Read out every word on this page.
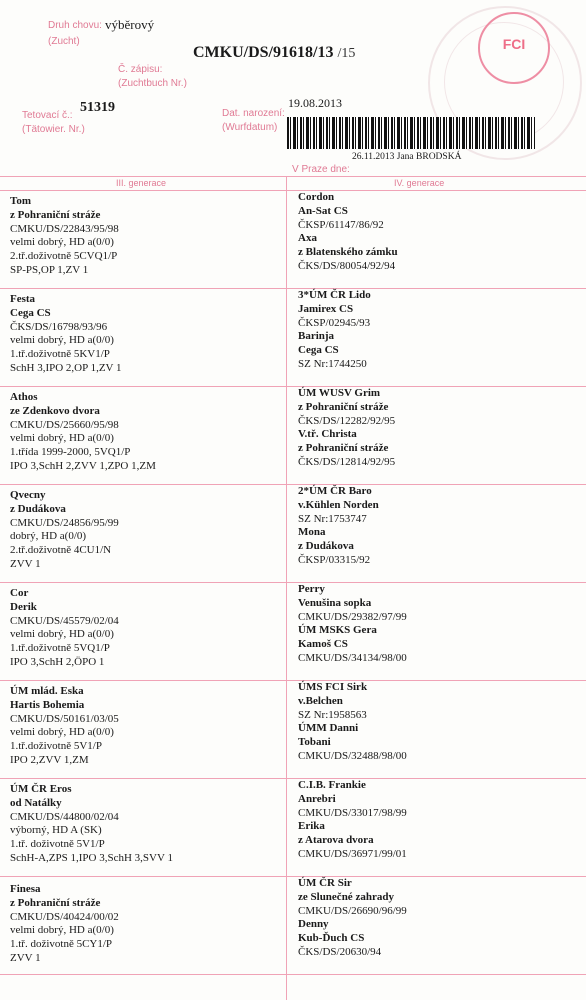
FCI
Druh chovu:
(Zucht)
výběrový
CMKU/DS/91618/13 /15
Č. zápisu:
(Zuchtbuch Nr.)
Tetovací č.:
(Tätowier. Nr.)
51319	Dat. narození:
(Wurfdatum)
19.08.2013
26.11.2013 Jana BRODSKÁ
V Praze dne:
III. generace	IV. generace
Tom
z Pohraniční stráže
CMKU/DS/22843/95/98
velmi dobrý, HD a(0/0)
2.tř.doživotně 5CVQ1/P
SP-PS,OP 1,ZV 1
Cordon
An-Sat CS
ČKSP/61147/86/92
Axa
z Blatenského zámku
ČKS/DS/80054/92/94
Festa
Cega CS
ČKS/DS/16798/93/96
velmi dobrý, HD a(0/0)
1.tř.doživotně 5KV1/P
SchH 3,IPO 2,OP 1,ZV 1
3*ÚM ČR Lido
Jamirex CS
ČKSP/02945/93
Barinja
Cega CS
SZ Nr:1744250
Athos
ze Zdenkovo dvora
CMKU/DS/25660/95/98
velmi dobrý, HD a(0/0)
1.třída 1999-2000, 5VQ1/P
IPO 3,SchH 2,ZVV 1,ZPO 1,ZM
ÚM WUSV Grim
z Pohraniční stráže
ČKS/DS/12282/92/95
V.tř. Christa
z Pohraniční stráže
ČKS/DS/12814/92/95
Qvecny
z Dudákova
CMKU/DS/24856/95/99
dobrý, HD a(0/0)
2.tř.doživotně 4CU1/N
ZVV 1
2*ÚM ČR Baro
v.Kühlen Norden
SZ Nr:1753747
Mona
z Dudákova
ČKSP/03315/92
Cor
Derik
CMKU/DS/45579/02/04
velmi dobrý, HD a(0/0)
1.tř.doživotně 5VQ1/P
IPO 3,SchH 2,ÖPO 1
Perry
Venušina sopka
CMKU/DS/29382/97/99
ÚM MSKS Gera
Kamoš CS
CMKU/DS/34134/98/00
ÚM mlád. Eska
Hartis Bohemia
CMKU/DS/50161/03/05
velmi dobrý, HD a(0/0)
1.tř.doživotně 5V1/P
IPO 2,ZVV 1,ZM
ÚMS FCI Sirk
v.Belchen
SZ Nr:1958563
ÚMM Danni
Tobani
CMKU/DS/32488/98/00
ÚM ČR Eros
od Natálky
CMKU/DS/44800/02/04
výborný, HD A (SK)
1.tř. doživotně 5V1/P
SchH-A,ZPS 1,IPO 3,SchH 3,SVV 1
C.I.B. Frankie
Anrebri
CMKU/DS/33017/98/99
Erika
z Atarova dvora
CMKU/DS/36971/99/01
Finesa
z Pohraniční stráže
CMKU/DS/40424/00/02
velmi dobrý, HD a(0/0)
1.tř. doživotně 5CY1/P
ZVV 1
ÚM ČR Sir
ze Slunečné zahrady
CMKU/DS/26690/96/99
Denny
Kub-Ďuch CS
ČKS/DS/20630/94
